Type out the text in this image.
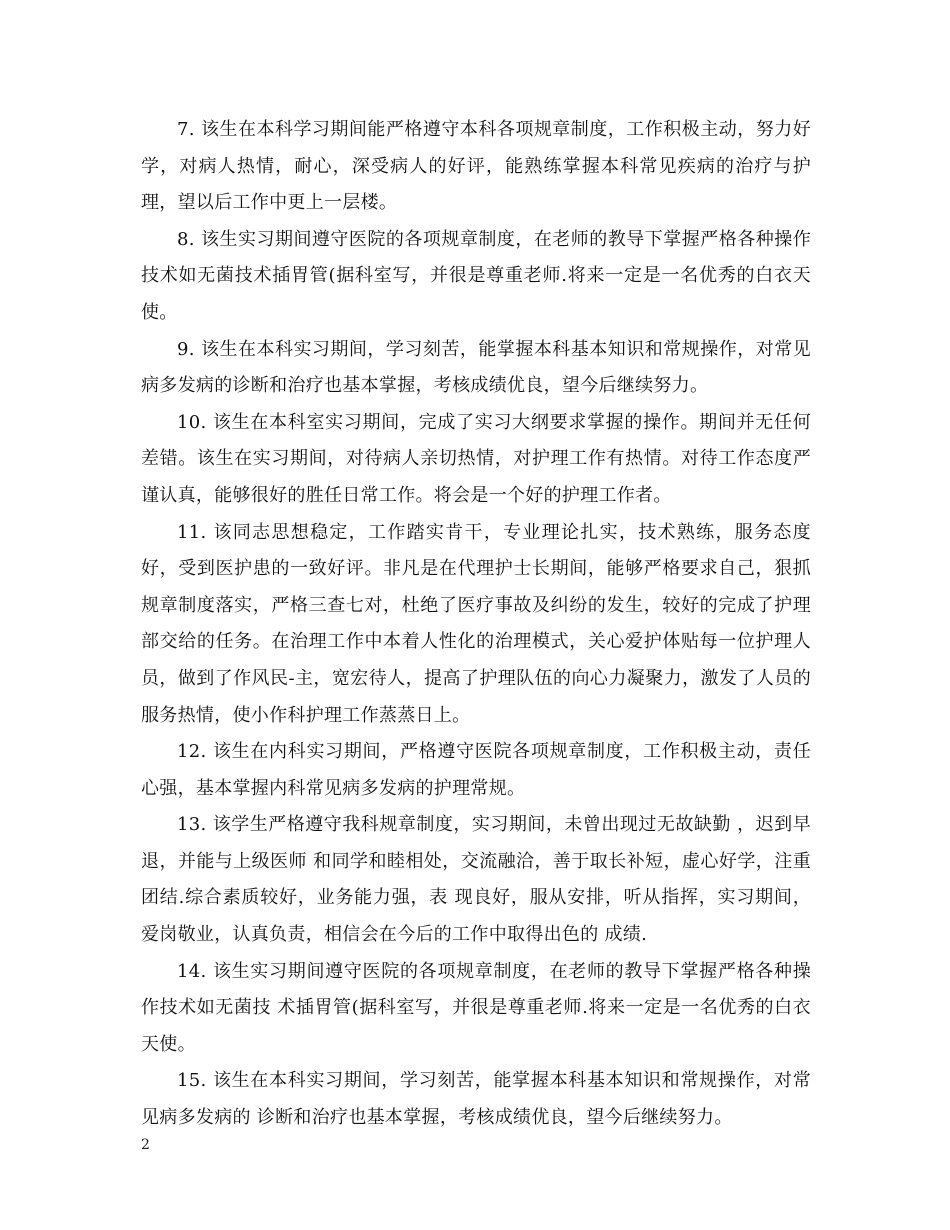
7. 该生在本科学习期间能严格遵守本科各项规章制度，工作积极主动，努力好学，对病人热情，耐心，深受病人的好评，能熟练掌握本科常见疾病的治疗与护理，望以后工作中更上一层楼。

8. 该生实习期间遵守医院的各项规章制度，在老师的教导下掌握严格各种操作技术如无菌技术插胃管(据科室写，并很是尊重老师.将来一定是一名优秀的白衣天使。

9. 该生在本科实习期间，学习刻苦，能掌握本科基本知识和常规操作，对常见病多发病的诊断和治疗也基本掌握，考核成绩优良，望今后继续努力。

10. 该生在本科室实习期间，完成了实习大纲要求掌握的操作。期间并无任何差错。该生在实习期间，对待病人亲切热情，对护理工作有热情。对待工作态度严谨认真，能够很好的胜任日常工作。将会是一个好的护理工作者。

11. 该同志思想稳定，工作踏实肯干，专业理论扎实，技术熟练，服务态度好，受到医护患的一致好评。非凡是在代理护士长期间，能够严格要求自己，狠抓规章制度落实，严格三查七对，杜绝了医疗事故及纠纷的发生，较好的完成了护理部交给的任务。在治理工作中本着人性化的治理模式，关心爱护体贴每一位护理人员，做到了作风民-主，宽宏待人，提高了护理队伍的向心力凝聚力，激发了人员的服务热情，使小作科护理工作蒸蒸日上。

12. 该生在内科实习期间，严格遵守医院各项规章制度，工作积极主动，责任心强，基本掌握内科常见病多发病的护理常规。

13. 该学生严格遵守我科规章制度，实习期间，未曾出现过无故缺勤 ，迟到早退，并能与上级医师 和同学和睦相处，交流融洽，善于取长补短，虚心好学，注重团结.综合素质较好，业务能力强，表 现良好，服从安排，听从指挥，实习期间，爱岗敬业，认真负责，相信会在今后的工作中取得出色的 成绩.

14. 该生实习期间遵守医院的各项规章制度，在老师的教导下掌握严格各种操作技术如无菌技 术插胃管(据科室写，并很是尊重老师.将来一定是一名优秀的白衣天使。

15. 该生在本科实习期间，学习刻苦，能掌握本科基本知识和常规操作，对常见病多发病的 诊断和治疗也基本掌握，考核成绩优良，望今后继续努力。

2
